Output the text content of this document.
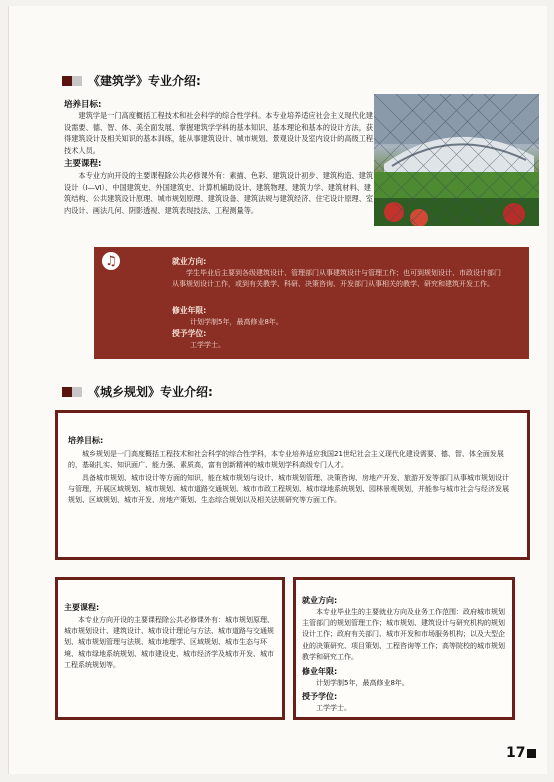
《建筑学》专业介绍:
培养目标:

建筑学是一门高度概括工程技术和社会科学的综合性学科。本专业培养适应社会主义现代化建设需要、德、智、体、美全面发展、掌握建筑学学科的基本知识、基本理论和基本的设计方法，获得建筑设计及相关知识的基本训练，能从事建筑设计、城市规划、景观设计及室内设计的高级工程技术人员。

主要课程:

本专业方向开设的主要课程除公共必修课外有：素描、色彩、建筑设计初步、建筑构造、建筑设计（Ⅰ—Ⅵ）、中国建筑史、外国建筑史、计算机辅助设计、建筑物理、建筑力学、建筑材料、建筑结构、公共建筑设计原理、城市规划原理、建筑设备、建筑法规与建筑经济、住宅设计原理、室内设计、画法几何、阴影透视、建筑表现技法、工程测量等。

♫	就业方向:
学生毕业后主要到各级建筑设计、管理部门从事建筑设计与管理工作；也可到规划设计、市政设计部门从事规划设计工作，或到有关教学、科研、决策咨询、开发部门从事相关的教学、研究和建筑开发工作。
修业年限:
计划学制5年，最高修业8年。
授予学位:
工学学士。
《城乡规划》专业介绍:
培养目标:

城乡规划是一门高度概括工程技术和社会科学的综合性学科，本专业培养适应我国21世纪社会主义现代化建设需要、德、智、体全面发展的，基础扎实、知识面广、能力强、素质高，富有创新精神的城市规划学科高级专门人才。

具备城市规划、城市设计等方面的知识，能在城市规划与设计、城市规划管理、决策咨询、房地产开发、旅游开发等部门从事城市规划设计与管理，开展区域规划、城市规划、城市道路交通规划、城市市政工程规划、城市绿地系统规划、园林景观规划，并能参与城市社会与经济发展规划、区域规划、城市开发、房地产策划、生态综合规划以及相关法规研究等方面工作。

主要课程:

本专业方向开设的主要课程除公共必修课外有：城市规划原理、城市规划设计、建筑设计、城市设计理论与方法、城市道路与交通规划、城市规划管理与法规、城市地理学、区域规划、城市生态与环境、城市绿地系统规划、城市建设史、城市经济学及城市开发、城市工程系统规划等。

就业方向:

本专业毕业生的主要就业方向及业务工作范围：政府城市规划主管部门的规划管理工作；城市规划、建筑设计与研究机构的规划设计工作；政府有关部门、城市开发和市场服务机构；以及大型企业的决策研究、项目策划、工程咨询等工作；高等院校的城市规划教学和研究工作。

修业年限:

计划学制5年，最高修业8年。

授予学位:

工学学士。

17
